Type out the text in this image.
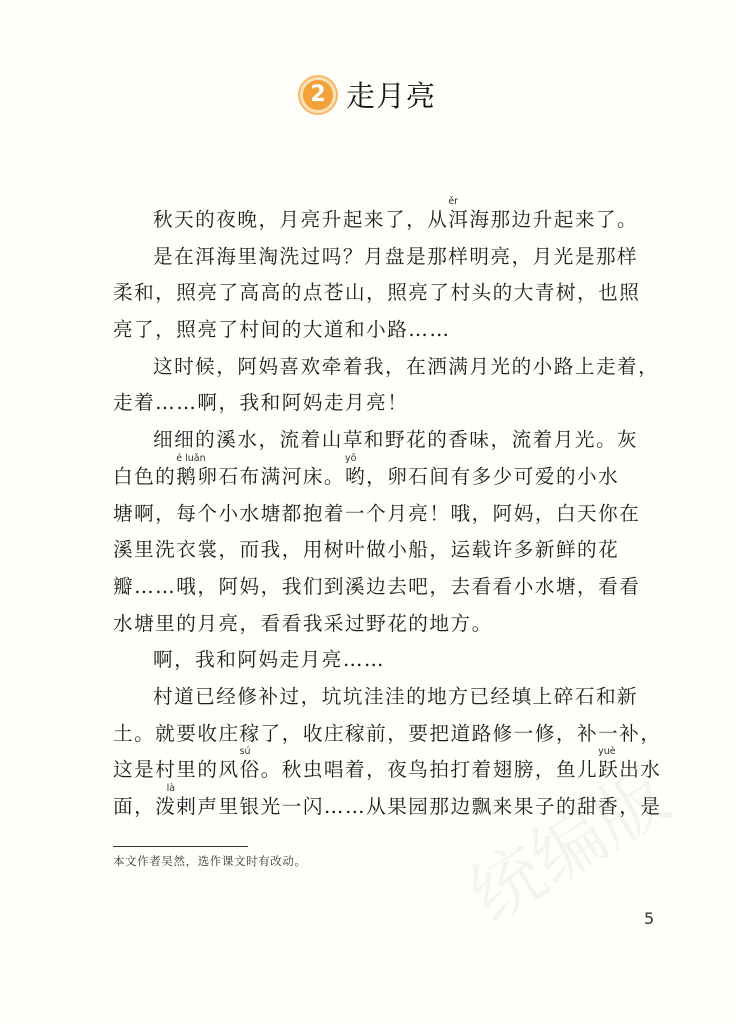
2 走月亮
秋天的夜晚，月亮升起来了，从洱
ěr
海那边升起来了。
是在洱海里淘洗过吗？月盘是那样明亮，月光是那样
柔和，照亮了高高的点苍山，照亮了村头的大青树，也照
亮了，照亮了村间的大道和小路……
这时候，阿妈喜欢牵着我，在洒满月光的小路上走着，
走着……啊，我和阿妈走月亮！
细细的溪水，流着山草和野花的香味，流着月光。灰
白色的鹅卵
é luǎn
石布满河床。哟
yō
，卵石间有多少可爱的小水
塘啊，每个小水塘都抱着一个月亮！哦，阿妈，白天你在
溪里洗衣裳，而我，用树叶做小船，运载许多新鲜的花
瓣……哦，阿妈，我们到溪边去吧，去看看小水塘，看看
水塘里的月亮，看看我采过野花的地方。
啊，我和阿妈走月亮……
村道已经修补过，坑坑洼洼的地方已经填上碎石和新
土。就要收庄稼了，收庄稼前，要把道路修一修，补一补，
这是村里的风俗
sú
。秋虫唱着，夜鸟拍打着翅膀，鱼儿跃
yuè
出水
面，泼剌
là
声里银光一闪……从果园那边飘来果子的甜香，是
本文作者吴然，选作课文时有改动。
5
